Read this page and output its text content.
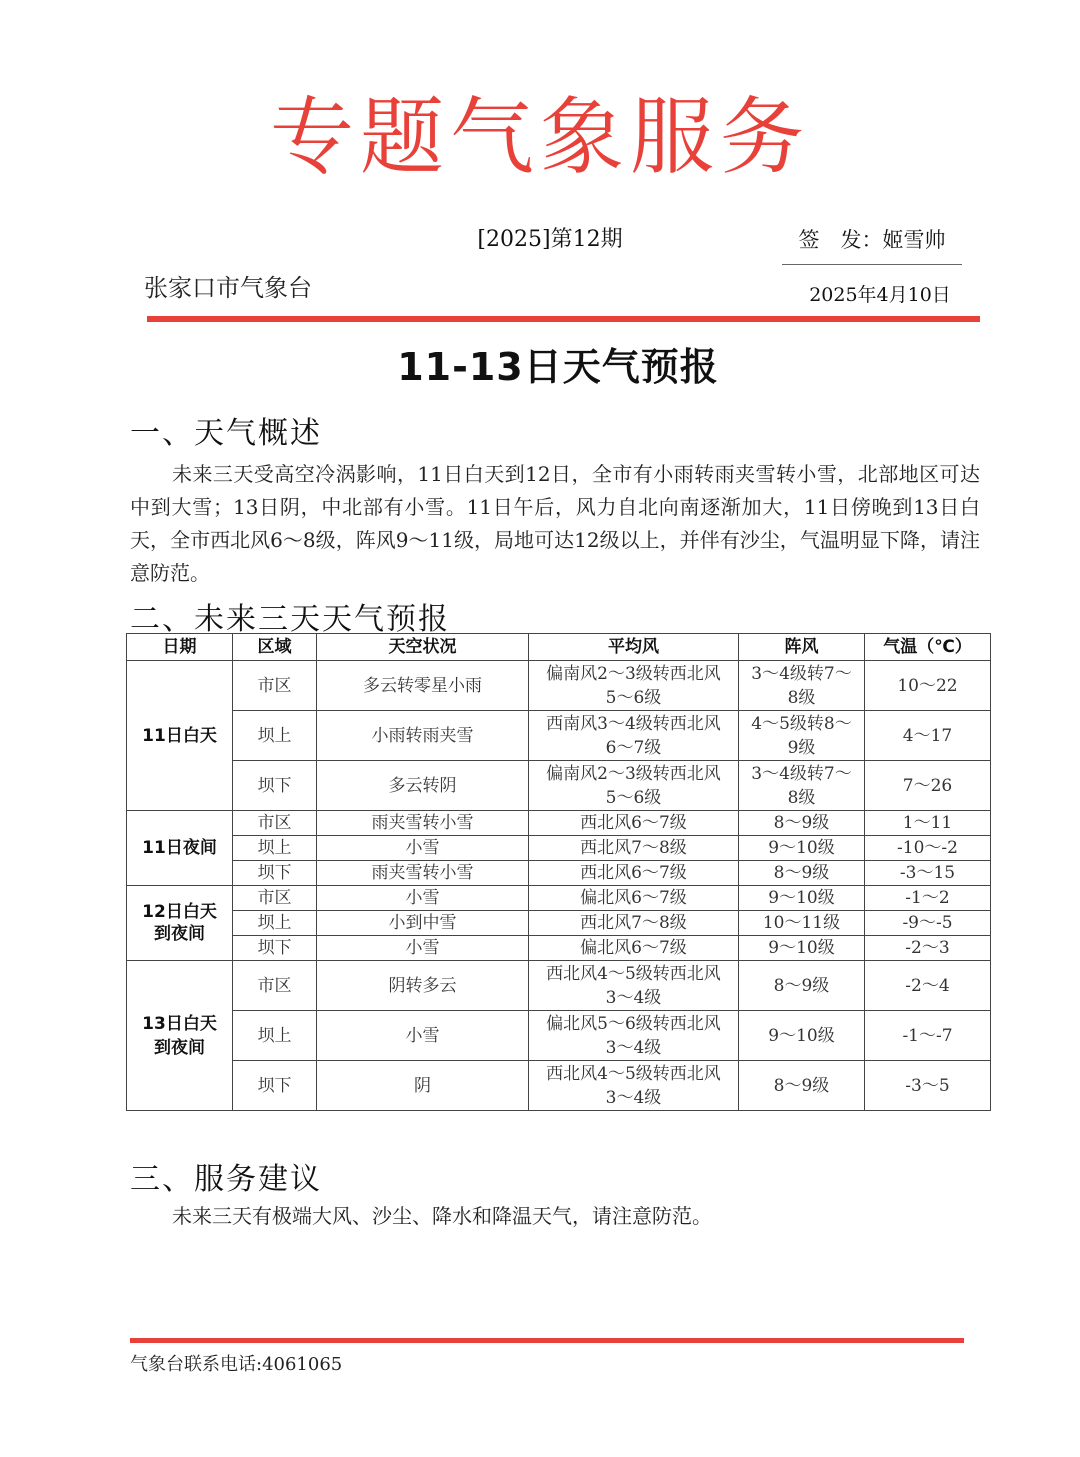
专题气象服务
[2025]第12期	签　发：姬雪帅
张家口市气象台	2025年4月10日
11-13日天气预报
一、天气概述
未来三天受高空冷涡影响，11日白天到12日，全市有小雨转雨夹雪转小雪，北部地区可达中到大雪；13日阴，中北部有小雪。11日午后，风力自北向南逐渐加大，11日傍晚到13日白天，全市西北风6～8级，阵风9～11级，局地可达12级以上，并伴有沙尘，气温明显下降，请注意防范。
二、未来三天天气预报
日期	区域	天空状况	平均风	阵风	气温（℃）
11日白天	市区	多云转零星小雨	偏南风2～3级转西北风5～6级	3～4级转7～8级	10～22
	坝上	小雨转雨夹雪	西南风3～4级转西北风6～7级	4～5级转8～9级	4～17
	坝下	多云转阴	偏南风2～3级转西北风5～6级	3～4级转7～8级	7～26
11日夜间	市区	雨夹雪转小雪	西北风6～7级	8～9级	1～11
	坝上	小雪	西北风7～8级	9～10级	-10～-2
	坝下	雨夹雪转小雪	西北风6～7级	8～9级	-3～15
12日白天到夜间	市区	小雪	偏北风6～7级	9～10级	-1～2
	坝上	小到中雪	西北风7～8级	10～11级	-9～-5
	坝下	小雪	偏北风6～7级	9～10级	-2～3
13日白天到夜间	市区	阴转多云	西北风4～5级转西北风3～4级	8～9级	-2～4
	坝上	小雪	偏北风5～6级转西北风3～4级	9～10级	-1～-7
	坝下	阴	西北风4～5级转西北风3～4级	8～9级	-3～5
三、服务建议
未来三天有极端大风、沙尘、降水和降温天气，请注意防范。
气象台联系电话:4061065
